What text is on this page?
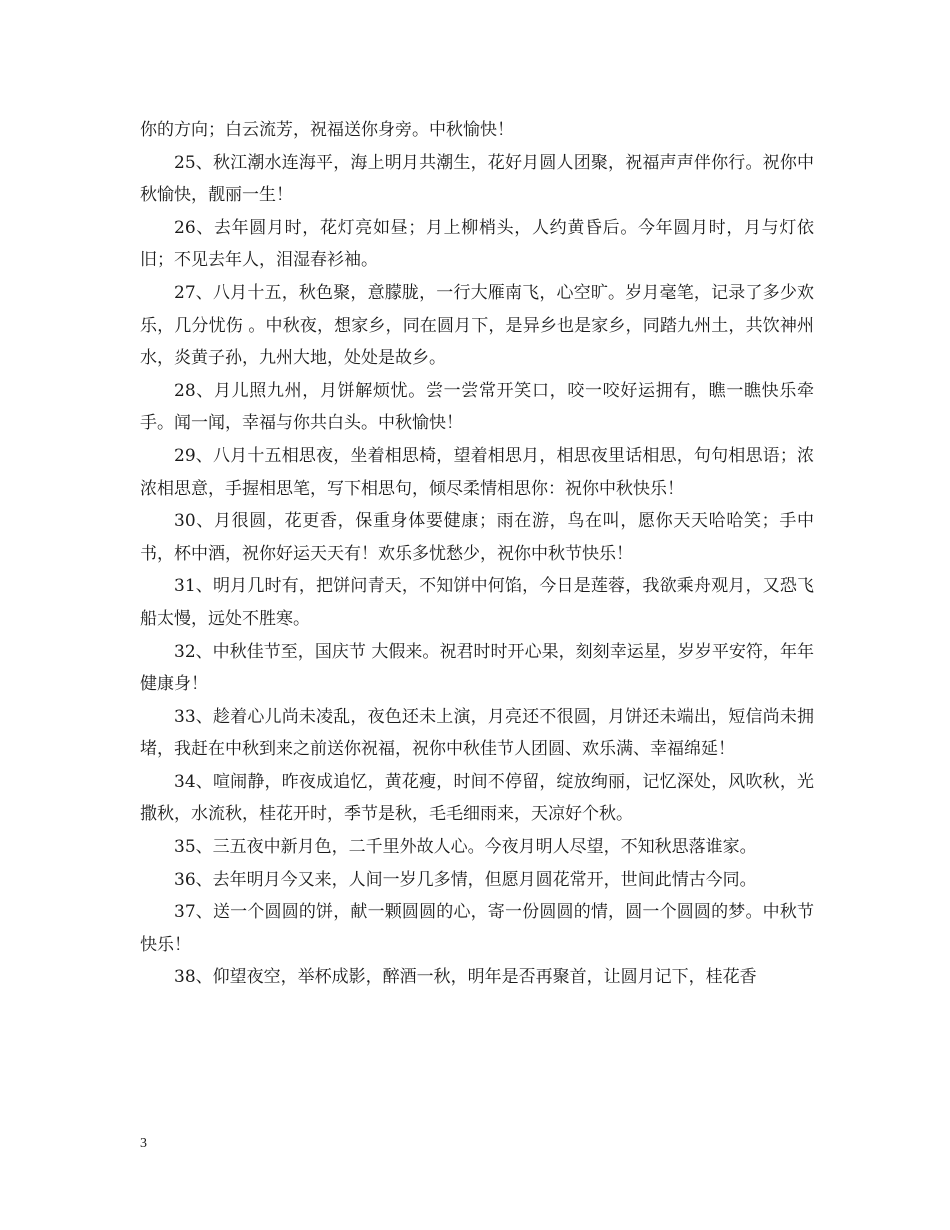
你的方向；白云流芳，祝福送你身旁。中秋愉快！

25、秋江潮水连海平，海上明月共潮生，花好月圆人团聚，祝福声声伴你行。祝你中秋愉快，靓丽一生！

26、去年圆月时，花灯亮如昼；月上柳梢头，人约黄昏后。今年圆月时，月与灯依旧；不见去年人，泪湿春衫袖。

27、八月十五，秋色聚，意朦胧，一行大雁南飞，心空旷。岁月毫笔，记录了多少欢乐，几分忧伤 。中秋夜，想家乡，同在圆月下，是异乡也是家乡，同踏九州土，共饮神州水，炎黄子孙，九州大地，处处是故乡。

28、月儿照九州，月饼解烦忧。尝一尝常开笑口，咬一咬好运拥有，瞧一瞧快乐牵手。闻一闻，幸福与你共白头。中秋愉快！

29、八月十五相思夜，坐着相思椅，望着相思月，相思夜里话相思，句句相思语；浓浓相思意，手握相思笔，写下相思句，倾尽柔情相思你：祝你中秋快乐！

30、月很圆，花更香，保重身体要健康；雨在游，鸟在叫，愿你天天哈哈笑；手中书，杯中酒，祝你好运天天有！欢乐多忧愁少，祝你中秋节快乐！

31、明月几时有，把饼问青天，不知饼中何馅，今日是莲蓉，我欲乘舟观月，又恐飞船太慢，远处不胜寒。

32、中秋佳节至，国庆节 大假来。祝君时时开心果，刻刻幸运星，岁岁平安符，年年健康身！

33、趁着心儿尚未凌乱，夜色还未上演，月亮还不很圆，月饼还未端出，短信尚未拥堵，我赶在中秋到来之前送你祝福，祝你中秋佳节人团圆、欢乐满、幸福绵延！

34、喧闹静，昨夜成追忆，黄花瘦，时间不停留，绽放绚丽，记忆深处，风吹秋，光撒秋，水流秋，桂花开时，季节是秋，毛毛细雨来，天凉好个秋。

35、三五夜中新月色，二千里外故人心。今夜月明人尽望，不知秋思落谁家。

36、去年明月今又来，人间一岁几多情，但愿月圆花常开，世间此情古今同。

37、送一个圆圆的饼，献一颗圆圆的心，寄一份圆圆的情，圆一个圆圆的梦。中秋节快乐！

38、仰望夜空，举杯成影，醉酒一秋，明年是否再聚首，让圆月记下，桂花香

3
